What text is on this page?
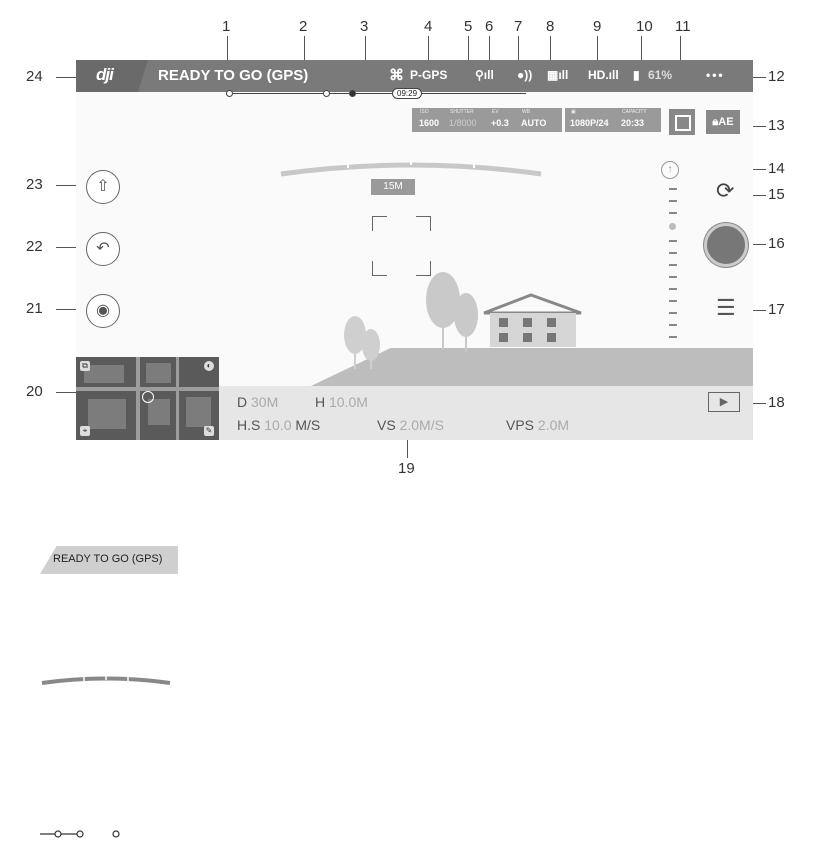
1	2	3	4 5 6 7 8	9 10 11
12
13
14
15
16
17
18
24
23
22
21
20
19
dji	READY TO GO (GPS)	⌘ P-GPS ⚲ıll ●)) ▦ıll HD.ıll ▮ 61%	•••
09:29
ISO
1600
SHUTTER
1/8000
EV
+0.3
WB
AUTO
▣
1080P/24
CAPACITY
20:33	🔒︎AE
15M
⇧
↶
◉
↑
⟳
☰
D 30M	H 10.0M
H.S 10.0 M/S	VS 2.0M/S	VPS 2.0M
▶
⧉	◐
⌖	✎
READY TO GO (GPS)
